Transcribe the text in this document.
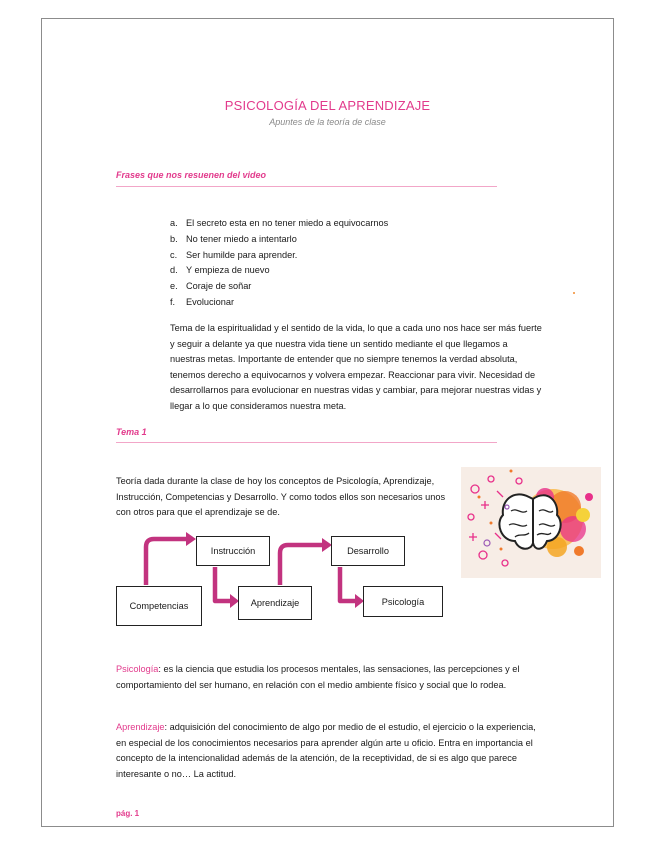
PSICOLOGÍA DEL APRENDIZAJE
Apuntes de la teoría de clase
Frases que nos resuenen del video
a. El secreto esta en no tener miedo a equivocarnos
b. No tener miedo a intentarlo
c. Ser humilde para aprender.
d. Y empieza de nuevo
e. Coraje de soñar
f. Evolucionar
Tema de la espiritualidad y el sentido de la vida, lo que a cada uno nos hace ser más fuerte y seguir a delante ya que nuestra vida tiene un sentido mediante el que llegamos a nuestras metas. Importante de entender que no siempre tenemos la verdad absoluta, tenemos derecho a equivocarnos y volvera empezar. Reaccionar para vivir. Necesidad de desarrollarnos para evolucionar en nuestras vidas y cambiar, para mejorar nuestras vidas y llegar a lo que consideramos nuestra meta.
Tema 1
Teoría dada durante la clase de hoy los conceptos de Psicología, Aprendizaje, Instrucción, Competencias y Desarrollo. Y como todos ellos son necesarios unos con otros para que el aprendizaje se de.
Instrucción
Competencias	Aprendizaje
Desarrollo
Psicología
Psicología: es la ciencia que estudia los procesos mentales, las sensaciones, las percepciones y el comportamiento del ser humano, en relación con el medio ambiente físico y social que lo rodea.
Aprendizaje: adquisición del conocimiento de algo por medio de el estudio, el ejercicio o la experiencia, en especial de los conocimientos necesarios para aprender algún arte u oficio. Entra en importancia el concepto de la intencionalidad además de la atención, de la receptividad, de si es algo que parece interesante o no… La actitud.
pág. 1
